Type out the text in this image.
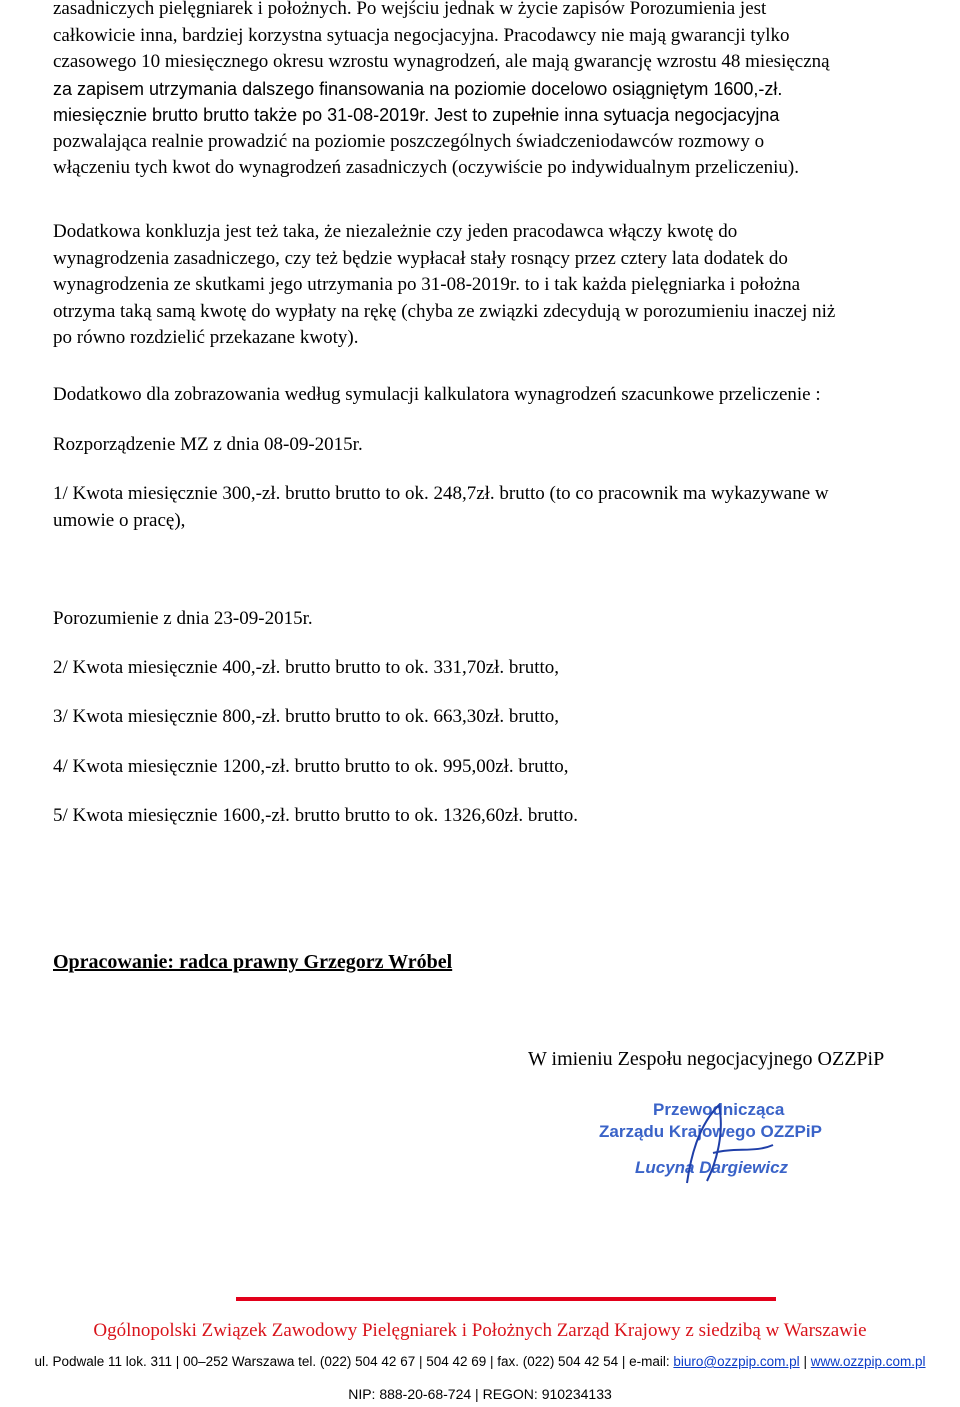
zasadniczych pielęgniarek i położnych. Po wejściu jednak w życie zapisów Porozumienia jest
całkowicie inna, bardziej korzystna sytuacja negocjacyjna. Pracodawcy nie mają gwarancji tylko
czasowego 10 miesięcznego okresu wzrostu wynagrodzeń, ale mają gwarancję wzrostu 48 miesięczną
za zapisem utrzymania dalszego finansowania na poziomie docelowo osiągniętym 1600,-zł.
miesięcznie brutto brutto także po 31-08-2019r. Jest to zupełnie inna sytuacja negocjacyjna
pozwalająca realnie prowadzić na poziomie poszczególnych świadczeniodawców rozmowy o
włączeniu tych kwot do wynagrodzeń zasadniczych (oczywiście po indywidualnym przeliczeniu).
Dodatkowa konkluzja jest też taka, że niezależnie czy jeden pracodawca włączy kwotę do
wynagrodzenia zasadniczego, czy też będzie wypłacał stały rosnący przez cztery lata dodatek do
wynagrodzenia ze skutkami jego utrzymania po 31-08-2019r. to i tak każda pielęgniarka i położna
otrzyma taką samą kwotę do wypłaty na rękę (chyba ze związki zdecydują w porozumieniu inaczej niż
po równo rozdzielić przekazane kwoty).

Dodatkowo dla zobrazowania według symulacji kalkulatora wynagrodzeń szacunkowe przeliczenie :

Rozporządzenie MZ z dnia 08-09-2015r.

1/ Kwota miesięcznie 300,-zł. brutto brutto to ok. 248,7zł. brutto (to co pracownik ma wykazywane w
umowie o pracę),

Porozumienie z dnia 23-09-2015r.

2/ Kwota miesięcznie 400,-zł. brutto brutto to ok. 331,70zł. brutto,

3/ Kwota miesięcznie 800,-zł. brutto brutto to ok. 663,30zł. brutto,

4/ Kwota miesięcznie 1200,-zł. brutto brutto to ok. 995,00zł. brutto,

5/ Kwota miesięcznie 1600,-zł. brutto brutto to ok. 1326,60zł. brutto.

Opracowanie: radca prawny Grzegorz Wróbel
W imieniu Zespołu negocjacyjnego OZZPiP
Przewodnicząca
Zarządu Krajowego OZZPiP
Lucyna Dargiewicz
Ogólnopolski Związek Zawodowy Pielęgniarek i Położnych Zarząd Krajowy z siedzibą w Warszawie
ul. Podwale 11 lok. 311 | 00‒252 Warszawa tel. (022) 504 42 67 | 504 42 69 | fax. (022) 504 42 54 | e-mail: biuro@ozzpip.com.pl | www.ozzpip.com.pl
NIP: 888-20-68-724 | REGON: 910234133
